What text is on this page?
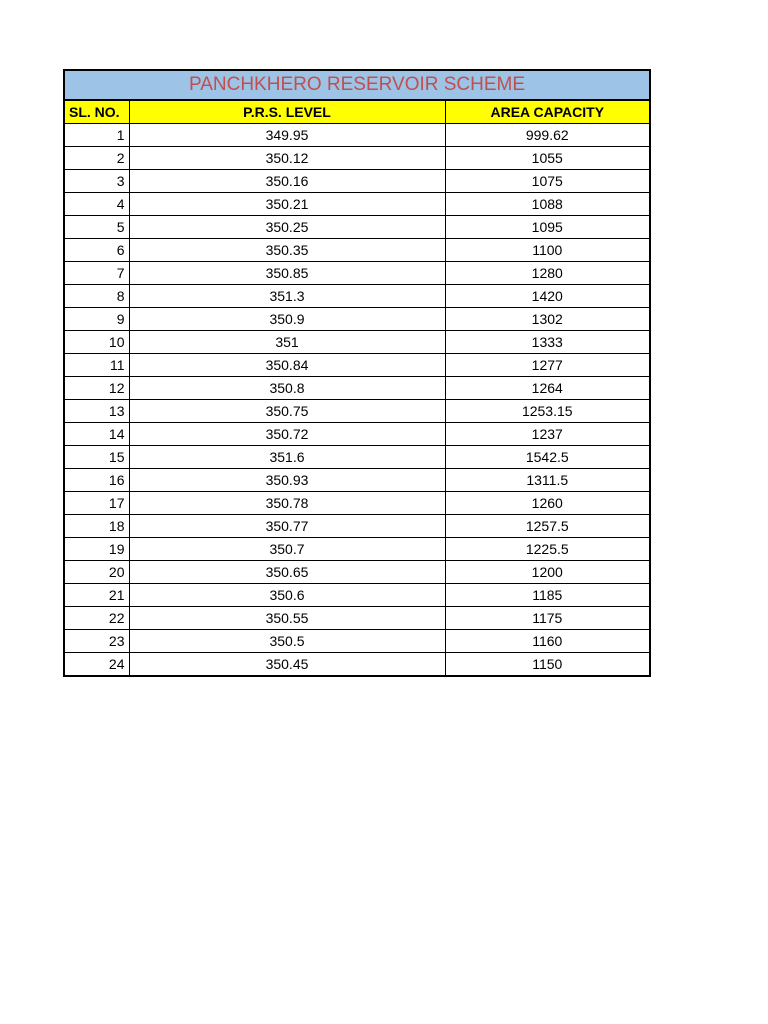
PANCHKHERO RESERVOIR SCHEME		
SL. NO.	P.R.S. LEVEL	AREA CAPACITY
1	349.95	999.62
2	350.12	1055
3	350.16	1075
4	350.21	1088
5	350.25	1095
6	350.35	1100
7	350.85	1280
8	351.3	1420
9	350.9	1302
10	351	1333
11	350.84	1277
12	350.8	1264
13	350.75	1253.15
14	350.72	1237
15	351.6	1542.5
16	350.93	1311.5
17	350.78	1260
18	350.77	1257.5
19	350.7	1225.5
20	350.65	1200
21	350.6	1185
22	350.55	1175
23	350.5	1160
24	350.45	1150
